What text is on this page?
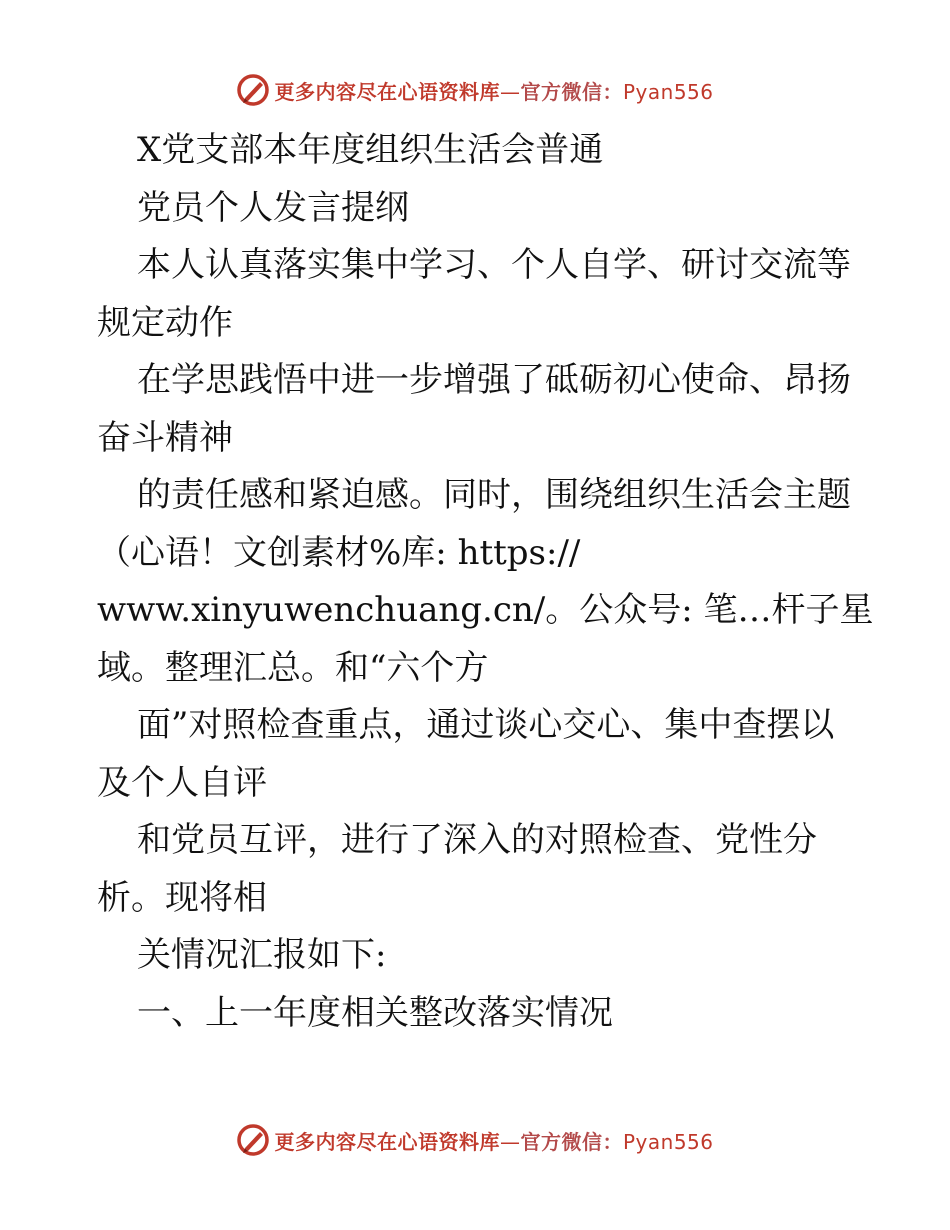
更多内容尽在心语资料库—官方微信：Pyan556
X党支部本年度组织生活会普通
党员个人发言提纲
本人认真落实集中学习、个人自学、研讨交流等
规定动作
在学思践悟中进一步增强了砥砺初心使命、昂扬
奋斗精神
的责任感和紧迫感。同时，围绕组织生活会主题
（心语！文创素材%库: https://
www.xinyuwenchuang.cn/。公众号: 笔…杆子星
域。整理汇总。和“六个方
面”对照检查重点，通过谈心交心、集中查摆以
及个人自评
和党员互评，进行了深入的对照检查、党性分
析。现将相
关情况汇报如下:
一、上一年度相关整改落实情况
更多内容尽在心语资料库—官方微信：Pyan556
